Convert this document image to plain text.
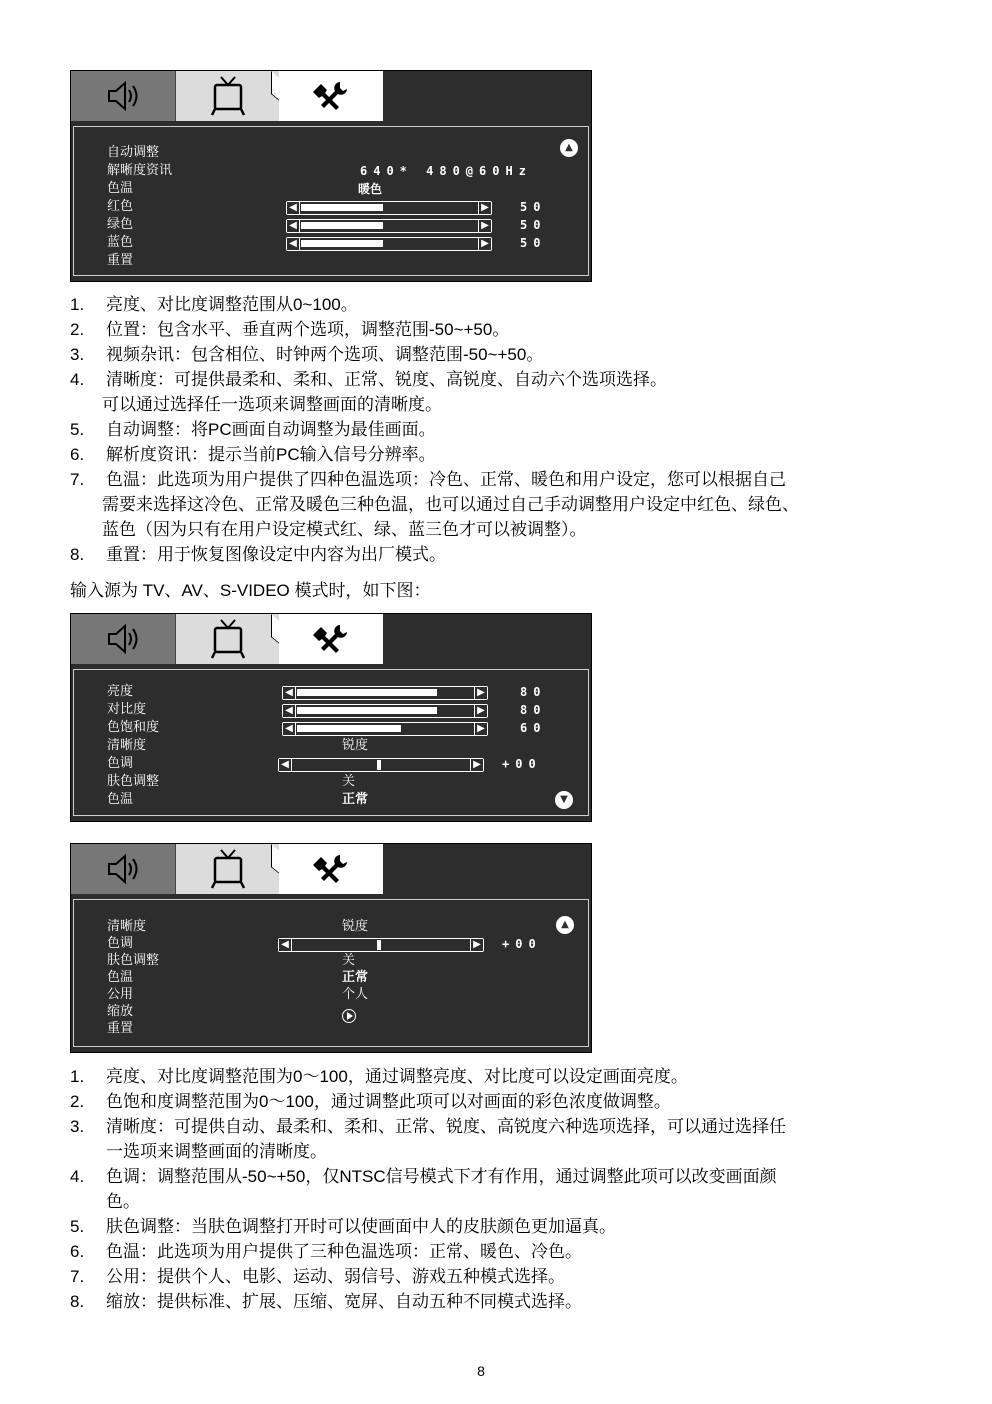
▲
自动调整
解晰度资讯	640* 480@60Hz
色温	暖色
红色	◀	▶	50
绿色	◀	▶	50
蓝色	◀	▶	50
重置
1.	亮度、对比度调整范围从0~100。
2.	位置：包含水平、垂直两个选项，调整范围-50~+50。
3.	视频杂讯：包含相位、时钟两个选项、调整范围-50~+50。
4.	清晰度：可提供最柔和、柔和、正常、锐度、高锐度、自动六个选项选择。
可以通过选择任一选项来调整画面的清晰度。
5.	自动调整：将PC画面自动调整为最佳画面。
6.	解析度资讯：提示当前PC输入信号分辨率。
7.	色温：此选项为用户提供了四种色温选项：冷色、正常、暖色和用户设定，您可以根据自己
需要来选择这冷色、正常及暖色三种色温，也可以通过自己手动调整用户设定中红色、绿色、
蓝色（因为只有在用户设定模式红、绿、蓝三色才可以被调整）。
8.	重置：用于恢复图像设定中内容为出厂模式。
输入源为 TV、AV、S-VIDEO 模式时，如下图：
亮度	◀	▶	80
对比度	◀	▶	80
色饱和度	◀	▶	60
清晰度	锐度
色调	◀	▶ +00
肤色调整	关
色温	正常	▼
▲
清晰度	锐度
色调	◀	▶ +00
肤色调整	关
色温	正常
公用	个人
缩放
重置
1.	亮度、对比度调整范围为0～100，通过调整亮度、对比度可以设定画面亮度。
2.	色饱和度调整范围为0～100，通过调整此项可以对画面的彩色浓度做调整。
3.	清晰度：可提供自动、最柔和、柔和、正常、锐度、高锐度六种选项选择，可以通过选择任
一选项来调整画面的清晰度。
4.	色调：调整范围从-50~+50，仅NTSC信号模式下才有作用，通过调整此项可以改变画面颜
色。
5.	肤色调整：当肤色调整打开时可以使画面中人的皮肤颜色更加逼真。
6.	色温：此选项为用户提供了三种色温选项：正常、暖色、冷色。
7.	公用：提供个人、电影、运动、弱信号、游戏五种模式选择。
8.	缩放：提供标准、扩展、压缩、宽屏、自动五种不同模式选择。
8
